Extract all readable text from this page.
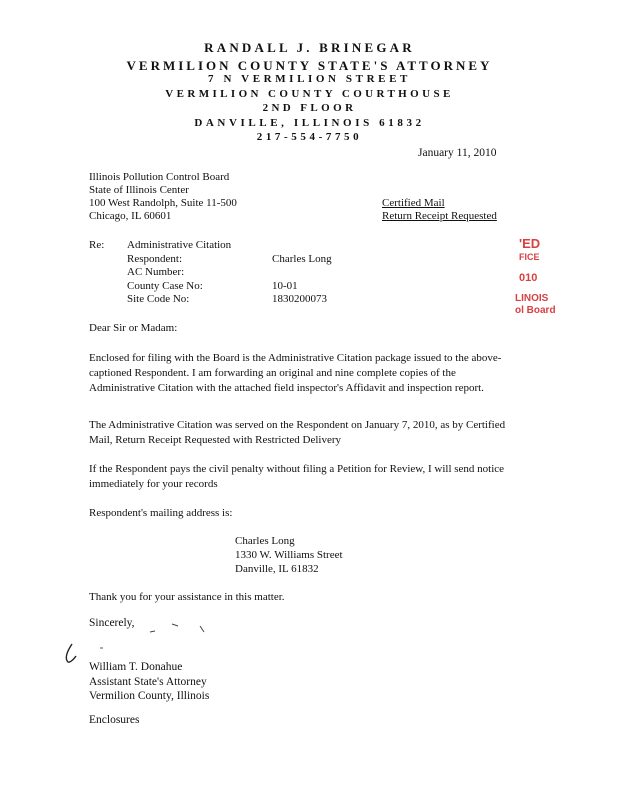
RANDALL J. BRINEGAR
VERMILION COUNTY STATE'S ATTORNEY
7 N VERMILION STREET
VERMILION COUNTY COURTHOUSE
2ND FLOOR
DANVILLE, ILLINOIS 61832
217-554-7750
January 11, 2010
Illinois Pollution Control Board
State of Illinois Center
100 West Randolph, Suite 11-500
Chicago, IL 60601
Certified Mail
Return Receipt Requested
Re: Administrative Citation
Respondent:	Charles Long
AC Number:
County Case No:	10-01
Site Code No:	1830200073
'ED
FICE
010
LINOIS
ol Board
Dear Sir or Madam:
Enclosed for filing with the Board is the Administrative Citation package issued to the above-captioned Respondent. I am forwarding an original and nine complete copies of the Administrative Citation with the attached field inspector's Affidavit and inspection report.
The Administrative Citation was served on the Respondent on January 7, 2010, as by Certified Mail, Return Receipt Requested with Restricted Delivery
If the Respondent pays the civil penalty without filing a Petition for Review, I will send notice immediately for your records
Respondent's mailing address is:
Charles Long
1330 W. Williams Street
Danville, IL 61832
Thank you for your assistance in this matter.
Sincerely,
William T. Donahue
Assistant State's Attorney
Vermilion County, Illinois
Enclosures
